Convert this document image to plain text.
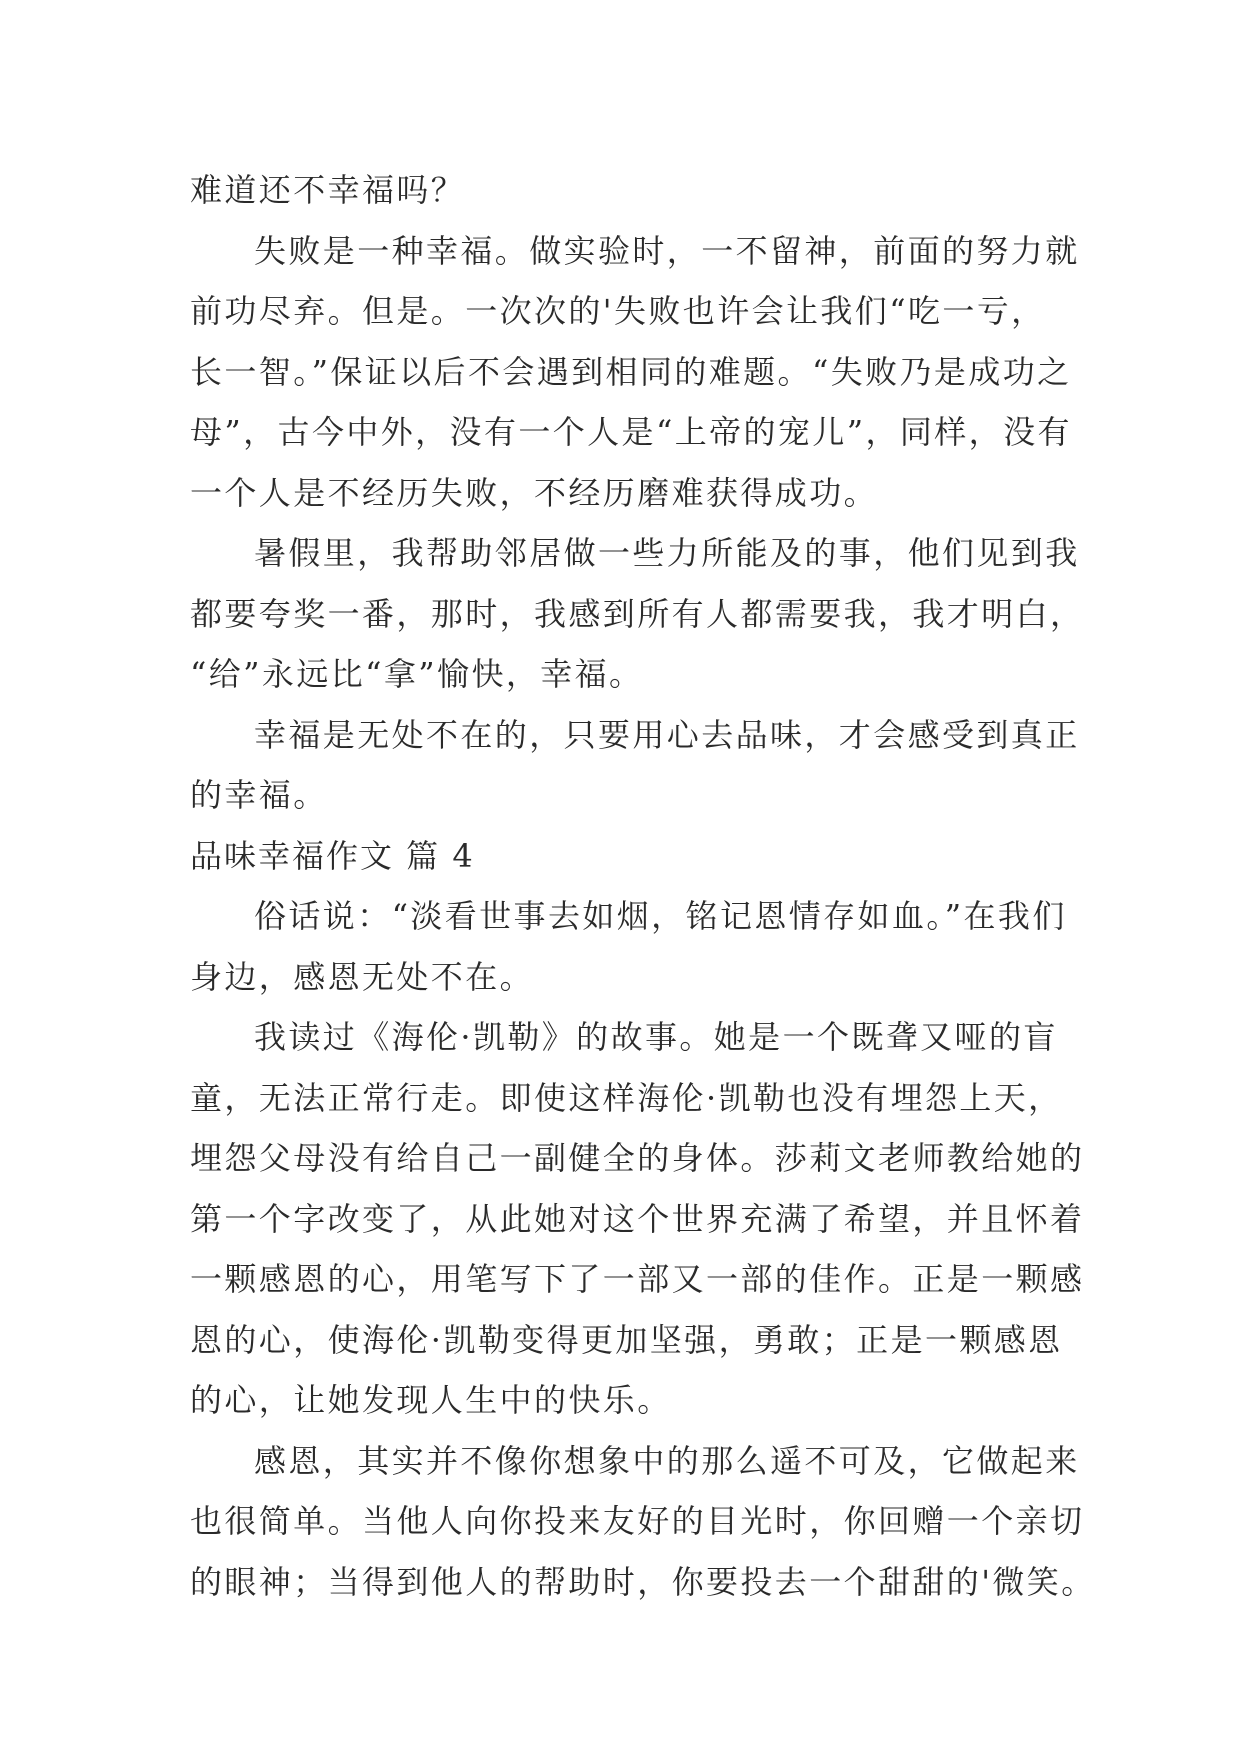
难道还不幸福吗？
失败是一种幸福。做实验时，一不留神，前面的努力就
前功尽弃。但是。一次次的'失败也许会让我们“吃一亏，
长一智。”保证以后不会遇到相同的难题。“失败乃是成功之
母”，古今中外，没有一个人是“上帝的宠儿”，同样，没有
一个人是不经历失败，不经历磨难获得成功。
暑假里，我帮助邻居做一些力所能及的事，他们见到我
都要夸奖一番，那时，我感到所有人都需要我，我才明白，
“给”永远比“拿”愉快，幸福。
幸福是无处不在的，只要用心去品味，才会感受到真正
的幸福。
品味幸福作文 篇 4
俗话说：“淡看世事去如烟，铭记恩情存如血。”在我们
身边，感恩无处不在。
我读过《海伦·凯勒》的故事。她是一个既聋又哑的盲
童，无法正常行走。即使这样海伦·凯勒也没有埋怨上天，
埋怨父母没有给自己一副健全的身体。莎莉文老师教给她的
第一个字改变了，从此她对这个世界充满了希望，并且怀着
一颗感恩的心，用笔写下了一部又一部的佳作。正是一颗感
恩的心，使海伦·凯勒变得更加坚强，勇敢；正是一颗感恩
的心，让她发现人生中的快乐。
感恩，其实并不像你想象中的那么遥不可及，它做起来
也很简单。当他人向你投来友好的目光时，你回赠一个亲切
的眼神；当得到他人的帮助时，你要投去一个甜甜的'微笑。
